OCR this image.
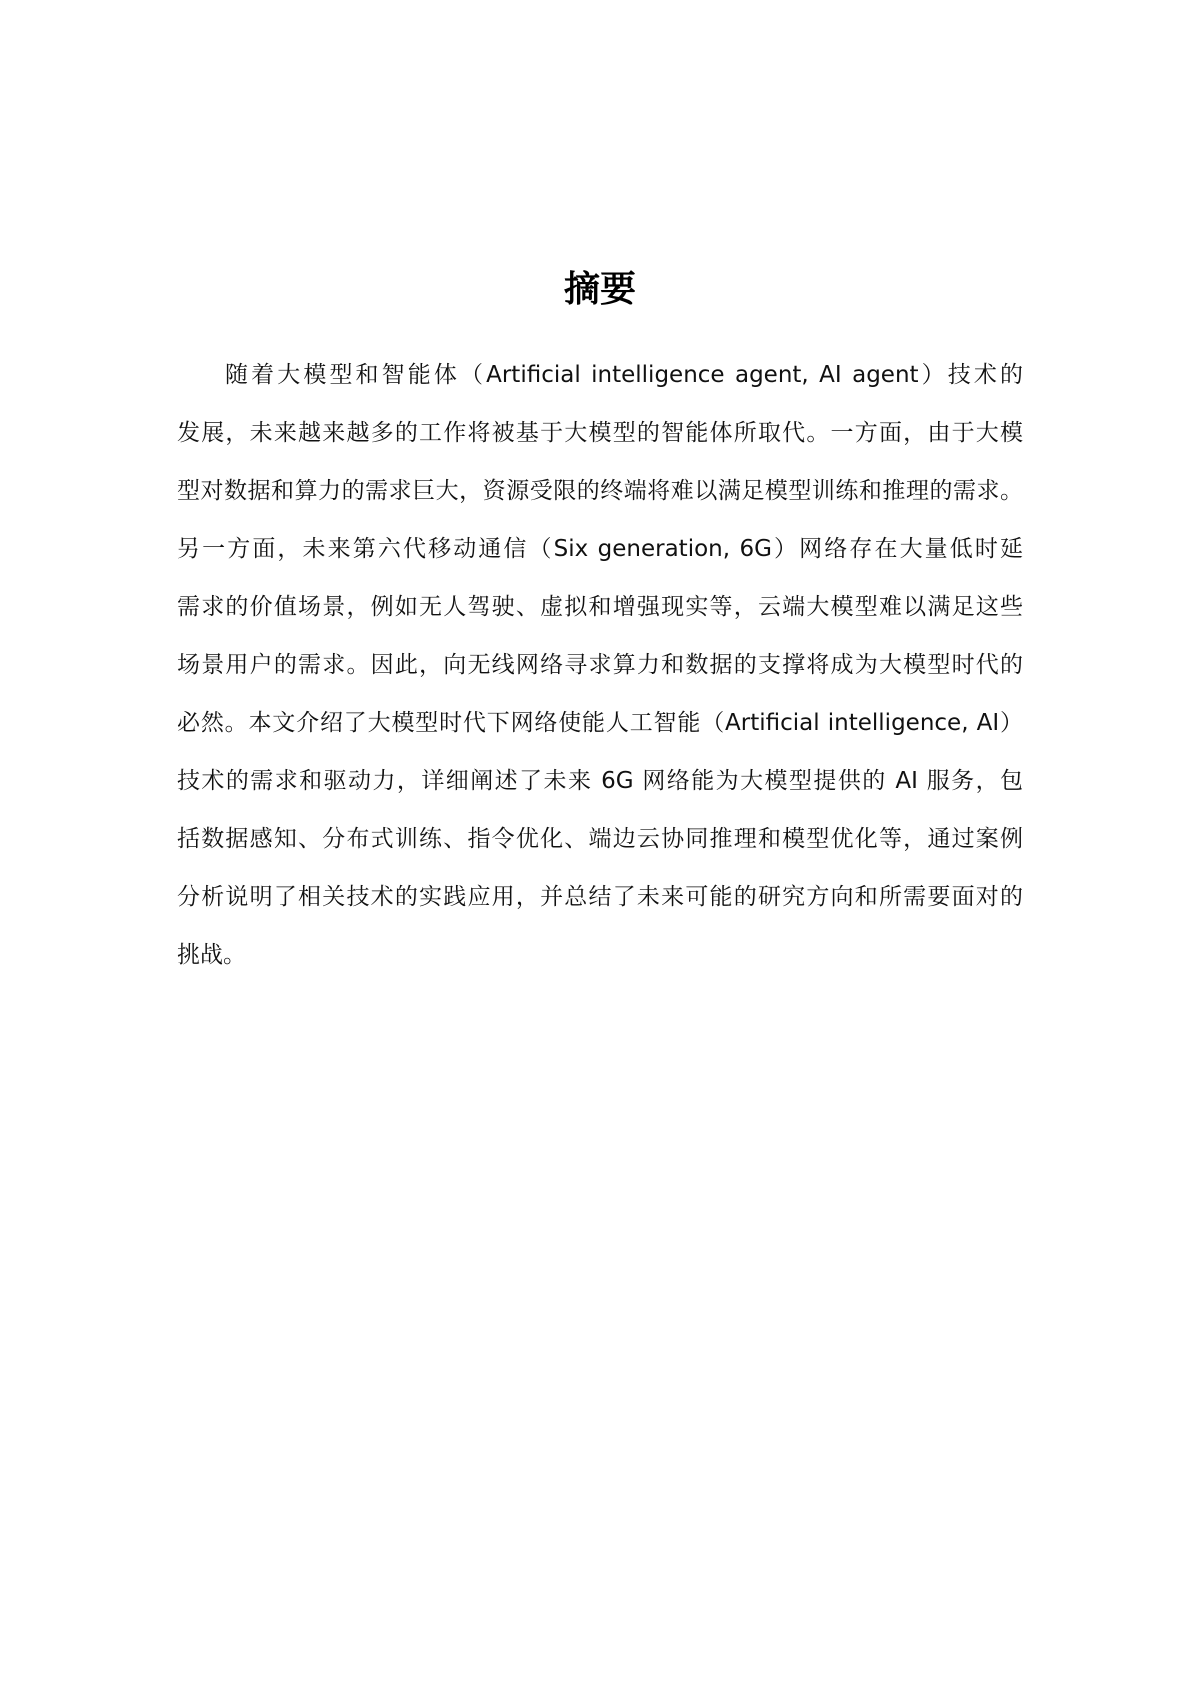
摘要
随着大模型和智能体（Artificial intelligence agent, AI agent）技术的
发展，未来越来越多的工作将被基于大模型的智能体所取代。一方面，由于大模
型对数据和算力的需求巨大，资源受限的终端将难以满足模型训练和推理的需求。
另一方面，未来第六代移动通信（Six generation, 6G）网络存在大量低时延
需求的价值场景，例如无人驾驶、虚拟和增强现实等，云端大模型难以满足这些
场景用户的需求。因此，向无线网络寻求算力和数据的支撑将成为大模型时代的
必然。本文介绍了大模型时代下网络使能人工智能（Artificial intelligence, AI）
技术的需求和驱动力，详细阐述了未来 6G 网络能为大模型提供的 AI 服务，包
括数据感知、分布式训练、指令优化、端边云协同推理和模型优化等，通过案例
分析说明了相关技术的实践应用，并总结了未来可能的研究方向和所需要面对的
挑战。
